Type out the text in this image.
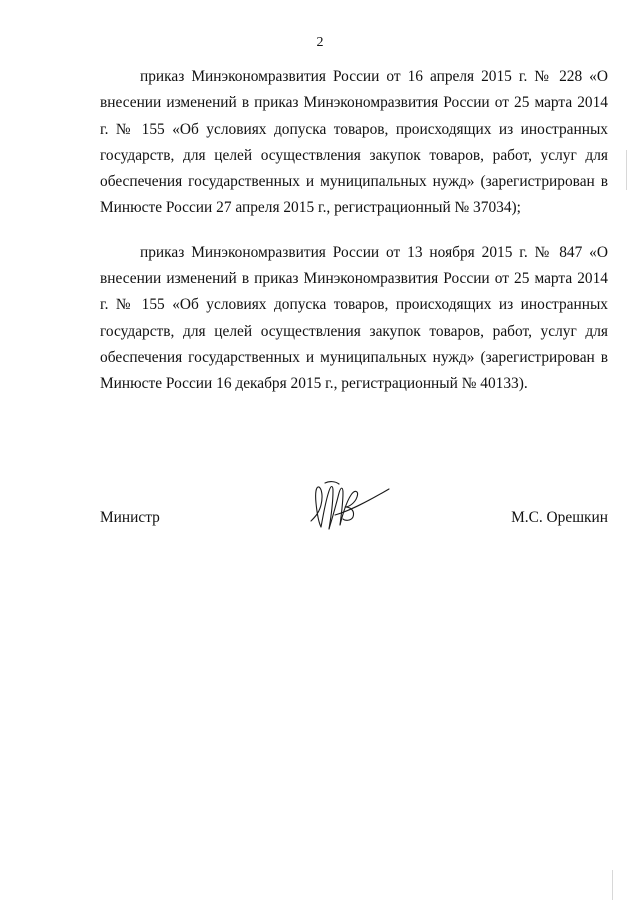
2

приказ Минэкономразвития России от 16 апреля 2015 г. № 228 «О внесении изменений в приказ Минэкономразвития России от 25 марта 2014 г. № 155 «Об условиях допуска товаров, происходящих из иностранных государств, для целей осуществления закупок товаров, работ, услуг для обеспечения государственных и муниципальных нужд» (зарегистрирован в Минюсте России 27 апреля 2015 г., регистрационный № 37034);

приказ Минэкономразвития России от 13 ноября 2015 г. № 847 «О внесении изменений в приказ Минэкономразвития России от 25 марта 2014 г. № 155 «Об условиях допуска товаров, происходящих из иностранных государств, для целей осуществления закупок товаров, работ, услуг для обеспечения государственных и муниципальных нужд» (зарегистрирован в Минюсте России 16 декабря 2015 г., регистрационный № 40133).

Министр	М.С. Орешкин
